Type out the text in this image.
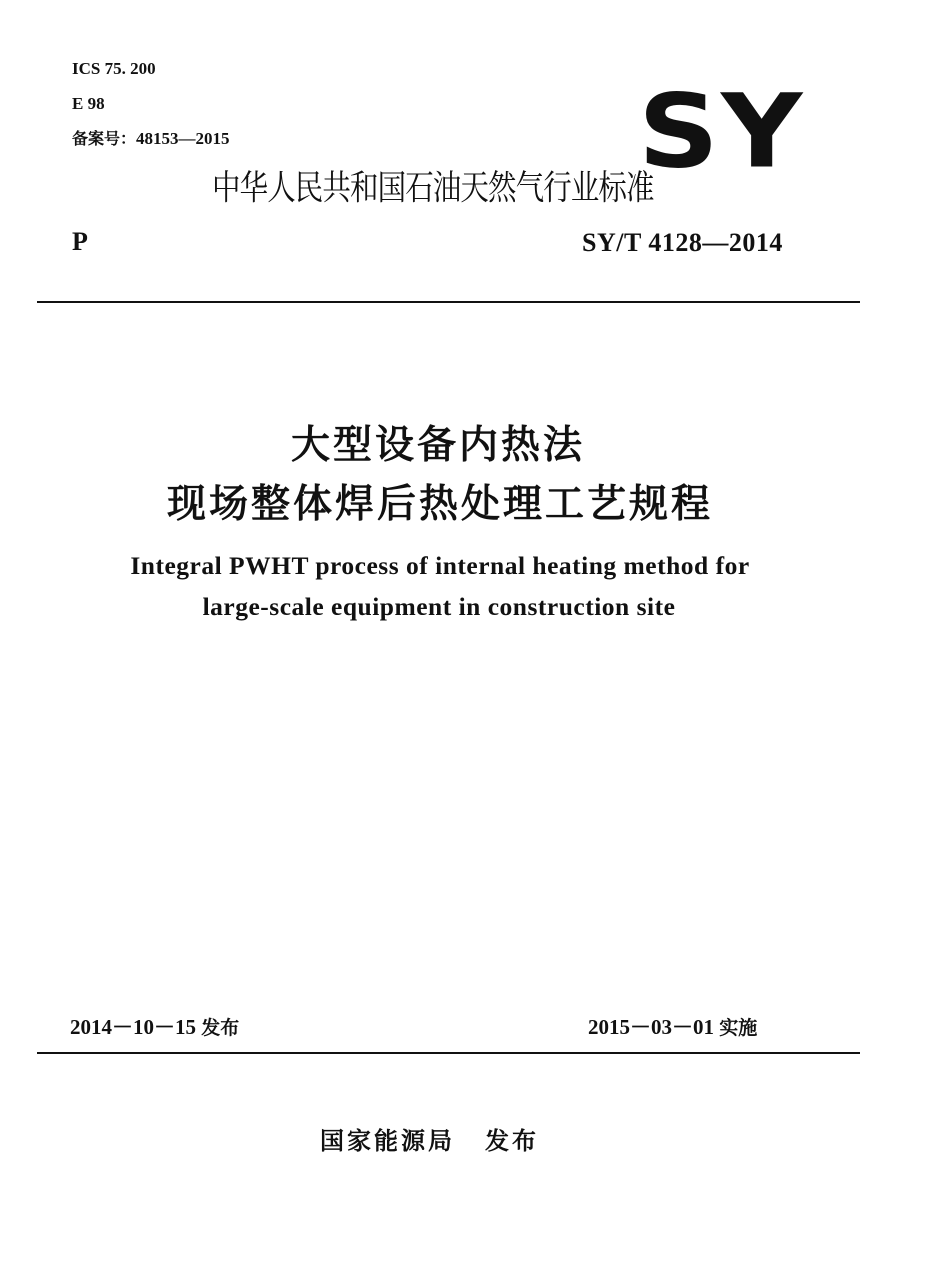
ICS 75. 200
E 98
备案号：48153—2015	SY
中华人民共和国石油天然气行业标准
P	SY/T 4128—2014
大型设备内热法
现场整体焊后热处理工艺规程
Integral PWHT process of internal heating method for
large-scale equipment in construction site
2014－10－15 发布	2015－03－01 实施
国家能源局 发布
